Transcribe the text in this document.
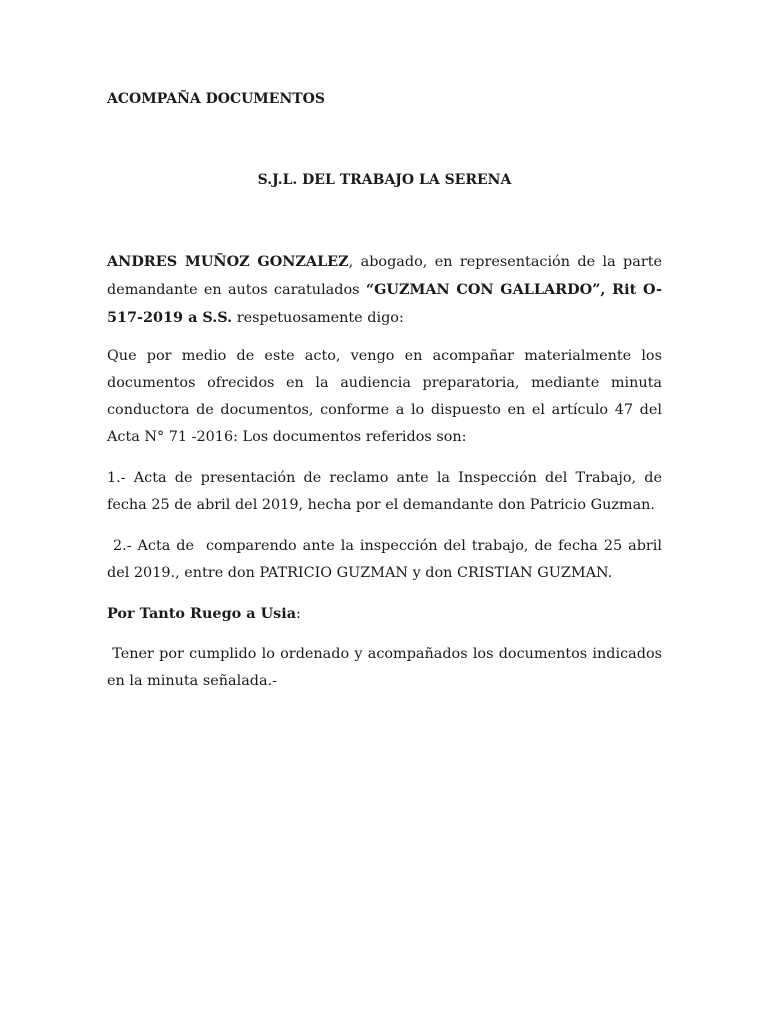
ACOMPAÑA DOCUMENTOS
S.J.L. DEL TRABAJO LA SERENA
ANDRES MUÑOZ GONZALEZ, abogado, en representación de la parte demandante en autos caratulados “GUZMAN CON GALLARDO”, Rit O-517-2019 a S.S. respetuosamente digo:
Que por medio de este acto, vengo en acompañar materialmente los documentos ofrecidos en la audiencia preparatoria, mediante minuta conductora de documentos, conforme a lo dispuesto en el artículo 47 del Acta N° 71 -2016: Los documentos referidos son:
1.- Acta de presentación de reclamo ante la Inspección del Trabajo, de fecha 25 de abril del 2019, hecha por el demandante don Patricio Guzman.
2.- Acta de  comparendo ante la inspección del trabajo, de fecha 25 abril del 2019., entre don PATRICIO GUZMAN y don CRISTIAN GUZMAN.
Por Tanto Ruego a Usia:
Tener por cumplido lo ordenado y acompañados los documentos indicados en la minuta señalada.-
